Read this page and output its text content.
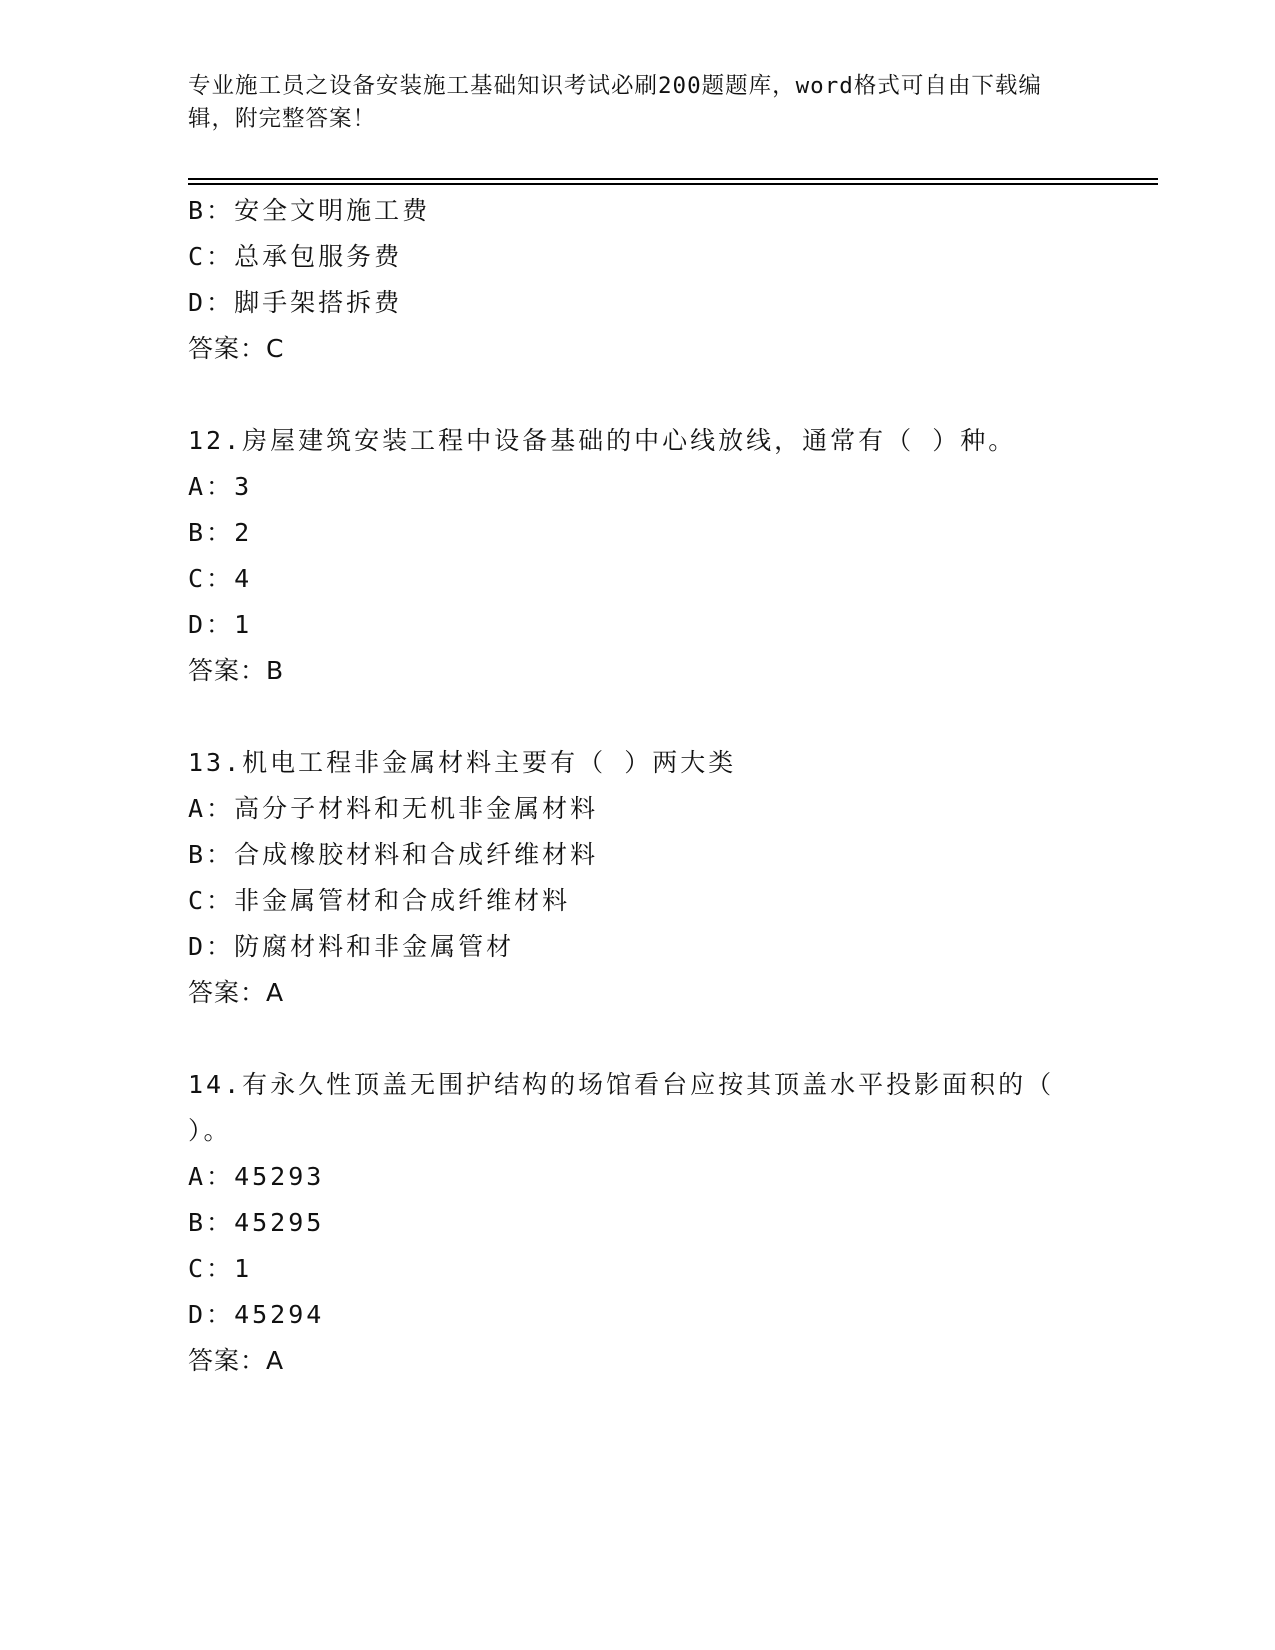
专业施工员之设备安装施工基础知识考试必刷200题题库，word格式可自由下载编辑，附完整答案！
B：安全文明施工费
C：总承包服务费
D：脚手架搭拆费
答案：C
12.房屋建筑安装工程中设备基础的中心线放线，通常有（ ）种。
A：3
B：2
C：4
D：1
答案：B
13.机电工程非金属材料主要有（ ）两大类
A：高分子材料和无机非金属材料
B：合成橡胶材料和合成纤维材料
C：非金属管材和合成纤维材料
D：防腐材料和非金属管材
答案：A
14.有永久性顶盖无围护结构的场馆看台应按其顶盖水平投影面积的（ ）。
A：45293
B：45295
C：1
D：45294
答案：A
